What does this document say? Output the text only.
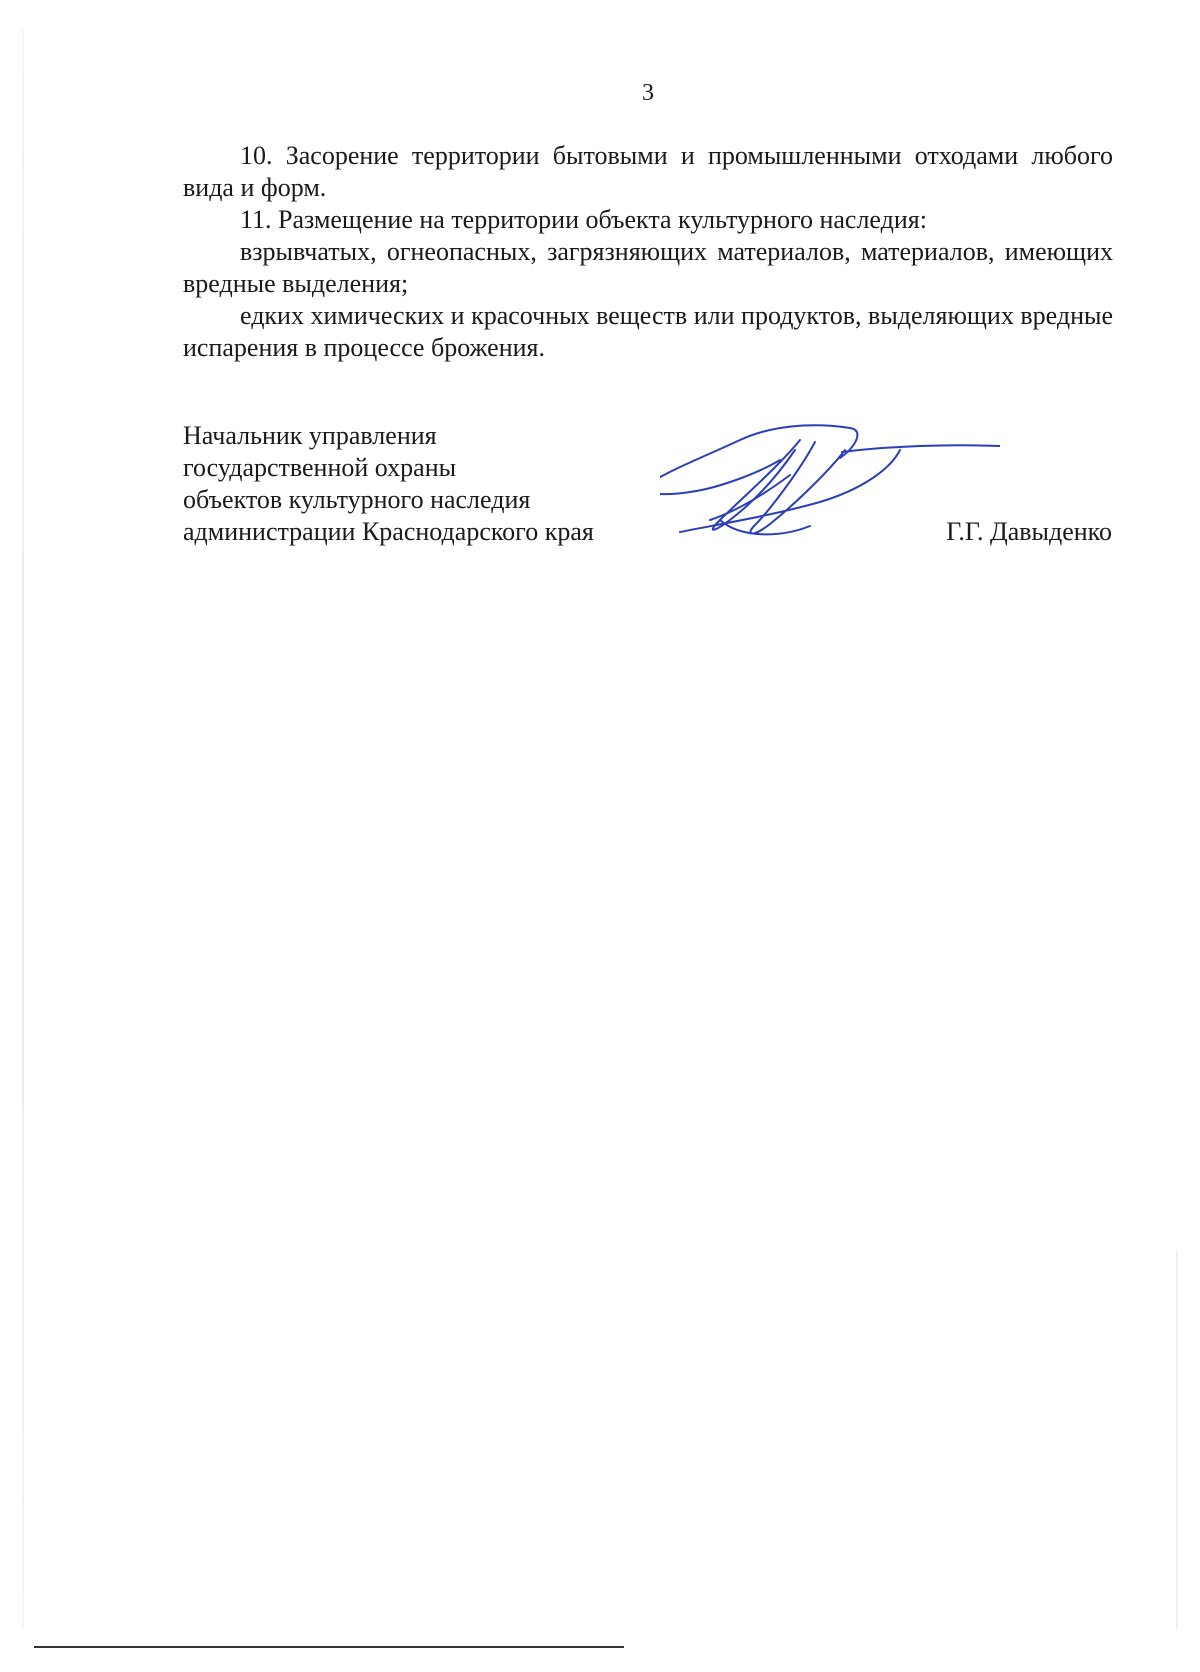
3

10. Засорение территории бытовыми и промышленными отходами любого вида и форм.

11. Размещение на территории объекта культурного наследия:

взрывчатых, огнеопасных, загрязняющих материалов, материалов, имеющих вредные выделения;

едких химических и красочных веществ или продуктов, выделяющих вредные испарения в процессе брожения.

Начальник управления
государственной охраны
объектов культурного наследия
администрации Краснодарского края	Г.Г. Давыденко
